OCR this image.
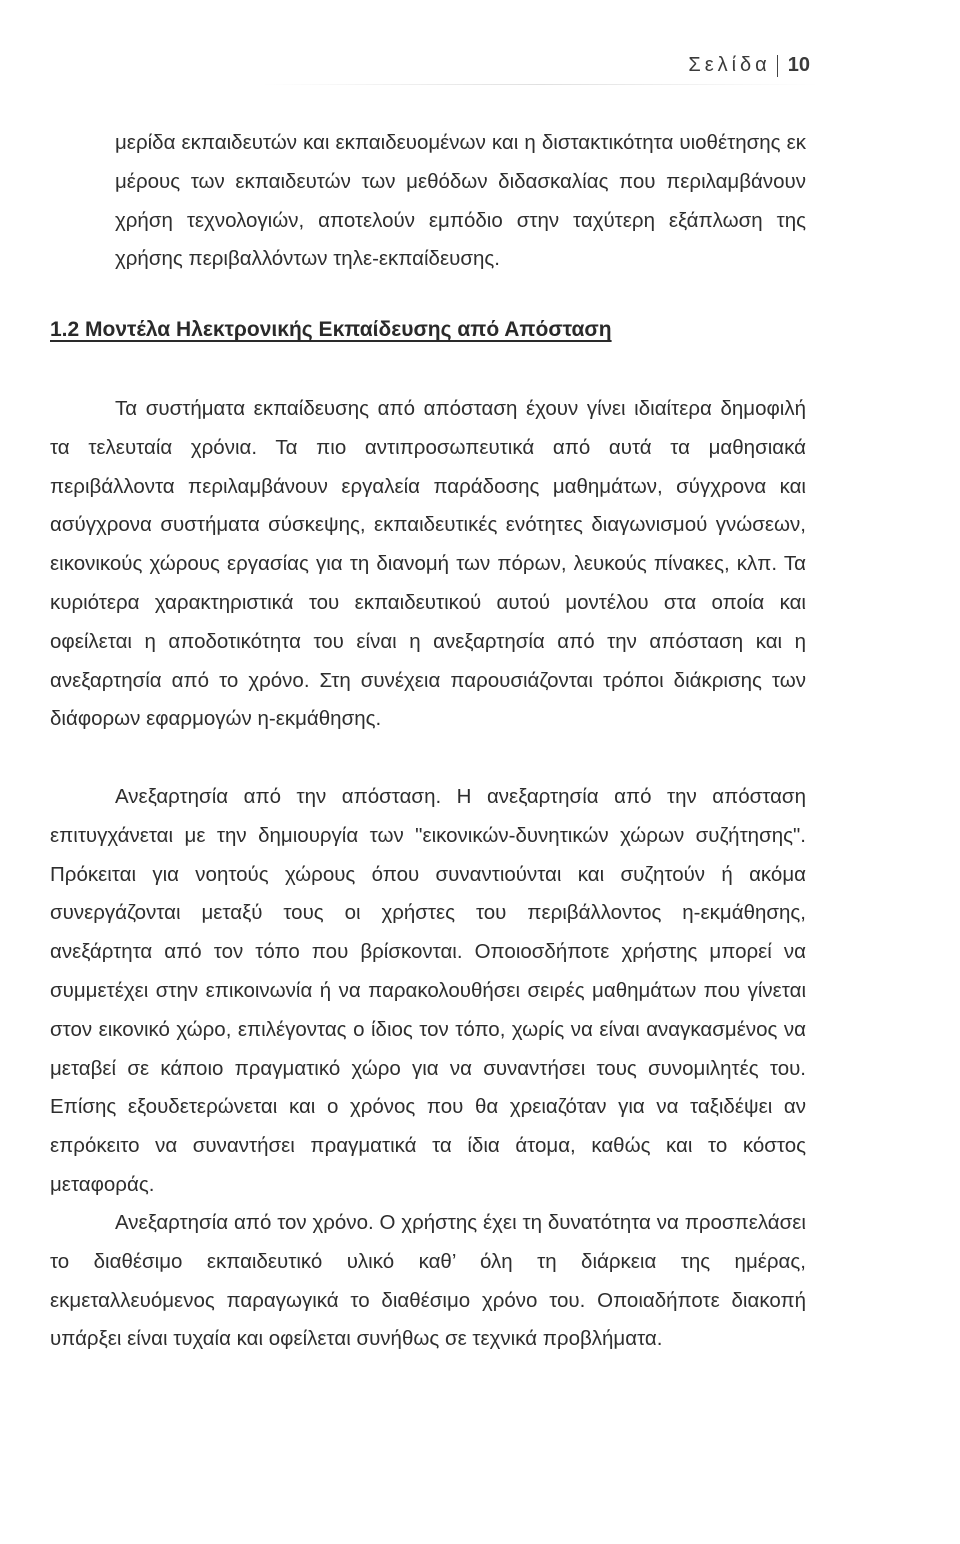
Σελίδα 10

μερίδα εκπαιδευτών και εκπαιδευομένων και η διστακτικότητα υιοθέτησης εκ μέρους των εκπαιδευτών των μεθόδων διδασκαλίας που περιλαμβάνουν χρήση τεχνολογιών, αποτελούν εμπόδιο στην ταχύτερη εξάπλωση της χρήσης περιβαλλόντων τηλε-εκπαίδευσης.

1.2 Μοντέλα Ηλεκτρονικής Εκπαίδευσης από Απόσταση

Τα συστήματα εκπαίδευσης από απόσταση έχουν γίνει ιδιαίτερα δημοφιλή τα τελευταία χρόνια. Τα πιο αντιπροσωπευτικά από αυτά τα μαθησιακά περιβάλλοντα περιλαμβάνουν εργαλεία παράδοσης μαθημάτων, σύγχρονα και ασύγχρονα συστήματα σύσκεψης, εκπαιδευτικές ενότητες διαγωνισμού γνώσεων, εικονικούς χώρους εργασίας για τη διανομή των πόρων, λευκούς πίνακες, κλπ. Τα κυριότερα χαρακτηριστικά του εκπαιδευτικού αυτού μοντέλου στα οποία και οφείλεται η αποδοτικότητα του είναι η ανεξαρτησία από την απόσταση και η ανεξαρτησία από το χρόνο. Στη συνέχεια παρουσιάζονται τρόποι διάκρισης των διάφορων εφαρμογών η-εκμάθησης.

Ανεξαρτησία από την απόσταση. Η ανεξαρτησία από την απόσταση επιτυγχάνεται με την δημιουργία των "εικονικών-δυνητικών χώρων συζήτησης". Πρόκειται για νοητούς χώρους όπου συναντιούνται και συζητούν ή ακόμα συνεργάζονται μεταξύ τους οι χρήστες του περιβάλλοντος η-εκμάθησης, ανεξάρτητα από τον τόπο που βρίσκονται. Οποιοσδήποτε χρήστης μπορεί να συμμετέχει στην επικοινωνία ή να παρακολουθήσει σειρές μαθημάτων που γίνεται στον εικονικό χώρο, επιλέγοντας ο ίδιος τον τόπο, χωρίς να είναι αναγκασμένος να μεταβεί σε κάποιο πραγματικό χώρο για να συναντήσει τους συνομιλητές του. Επίσης εξουδετερώνεται και ο χρόνος που θα χρειαζόταν για να ταξιδέψει αν επρόκειτο να συναντήσει πραγματικά τα ίδια άτομα, καθώς και το κόστος μεταφοράς.

Ανεξαρτησία από τον χρόνο. Ο χρήστης έχει τη δυνατότητα να προσπελάσει το διαθέσιμο εκπαιδευτικό υλικό καθ’ όλη τη διάρκεια της ημέρας, εκμεταλλευόμενος παραγωγικά το διαθέσιμο χρόνο του. Οποιαδήποτε διακοπή υπάρξει είναι τυχαία και οφείλεται συνήθως σε τεχνικά προβλήματα.
